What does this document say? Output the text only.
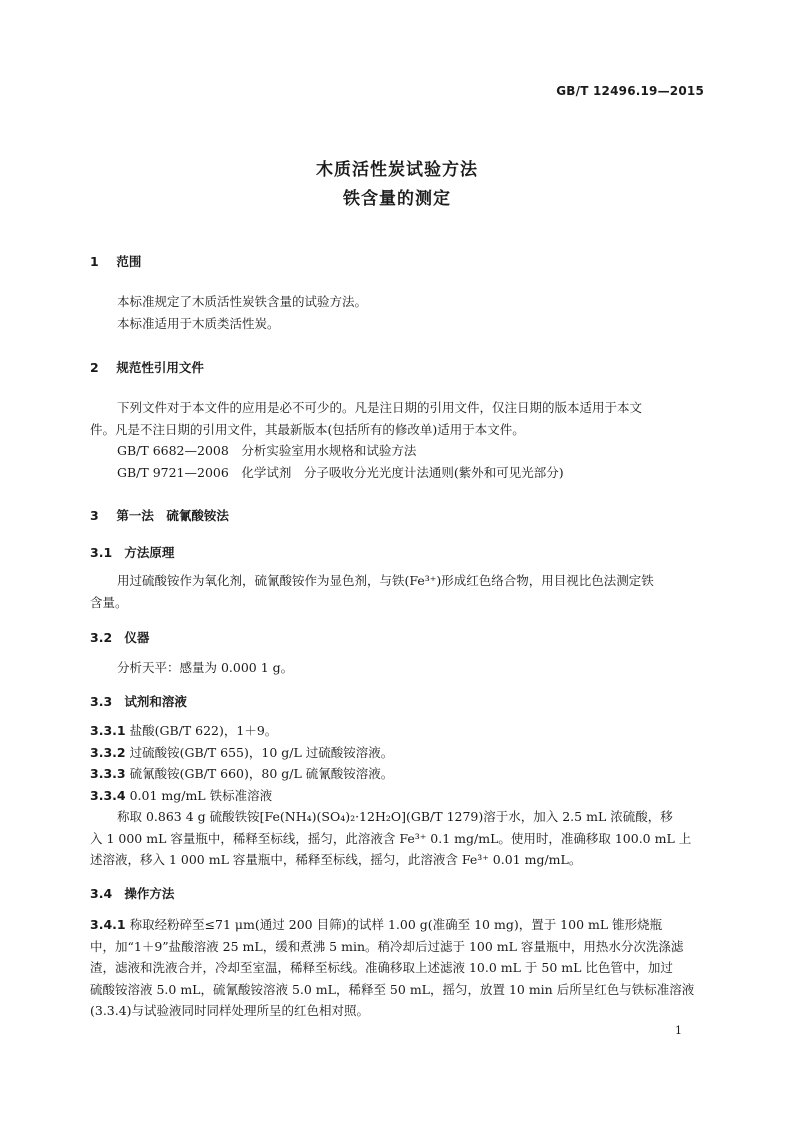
GB/T 12496.19—2015
木质活性炭试验方法
铁含量的测定
1 范围
本标准规定了木质活性炭铁含量的试验方法。
本标准适用于木质类活性炭。
2 规范性引用文件
下列文件对于本文件的应用是必不可少的。凡是注日期的引用文件，仅注日期的版本适用于本文
件。凡是不注日期的引用文件，其最新版本(包括所有的修改单)适用于本文件。
GB/T 6682—2008　分析实验室用水规格和试验方法
GB/T 9721—2006　化学试剂　分子吸收分光光度计法通则(紫外和可见光部分)
3 第一法　硫氰酸铵法
3.1 方法原理
用过硫酸铵作为氧化剂，硫氰酸铵作为显色剂，与铁(Fe³⁺)形成红色络合物，用目视比色法测定铁
含量。
3.2 仪器
分析天平：感量为 0.000 1 g。
3.3 试剂和溶液
3.3.1 盐酸(GB/T 622)，1＋9。
3.3.2 过硫酸铵(GB/T 655)，10 g/L 过硫酸铵溶液。
3.3.3 硫氰酸铵(GB/T 660)，80 g/L 硫氰酸铵溶液。
3.3.4 0.01 mg/mL 铁标准溶液
称取 0.863 4 g 硫酸铁铵[Fe(NH₄)(SO₄)₂·12H₂O](GB/T 1279)溶于水，加入 2.5 mL 浓硫酸，移
入 1 000 mL 容量瓶中，稀释至标线，摇匀，此溶液含 Fe³⁺ 0.1 mg/mL。使用时，准确移取 100.0 mL 上
述溶液，移入 1 000 mL 容量瓶中，稀释至标线，摇匀，此溶液含 Fe³⁺ 0.01 mg/mL。
3.4 操作方法
3.4.1 称取经粉碎至≤71 μm(通过 200 目筛)的试样 1.00 g(准确至 10 mg)，置于 100 mL 锥形烧瓶
中，加“1＋9”盐酸溶液 25 mL，缓和煮沸 5 min。稍冷却后过滤于 100 mL 容量瓶中，用热水分次洗涤滤
渣，滤液和洗液合并，冷却至室温，稀释至标线。准确移取上述滤液 10.0 mL 于 50 mL 比色管中，加过
硫酸铵溶液 5.0 mL，硫氰酸铵溶液 5.0 mL，稀释至 50 mL，摇匀，放置 10 min 后所呈红色与铁标准溶液
(3.3.4)与试验液同时同样处理所呈的红色相对照。
1
